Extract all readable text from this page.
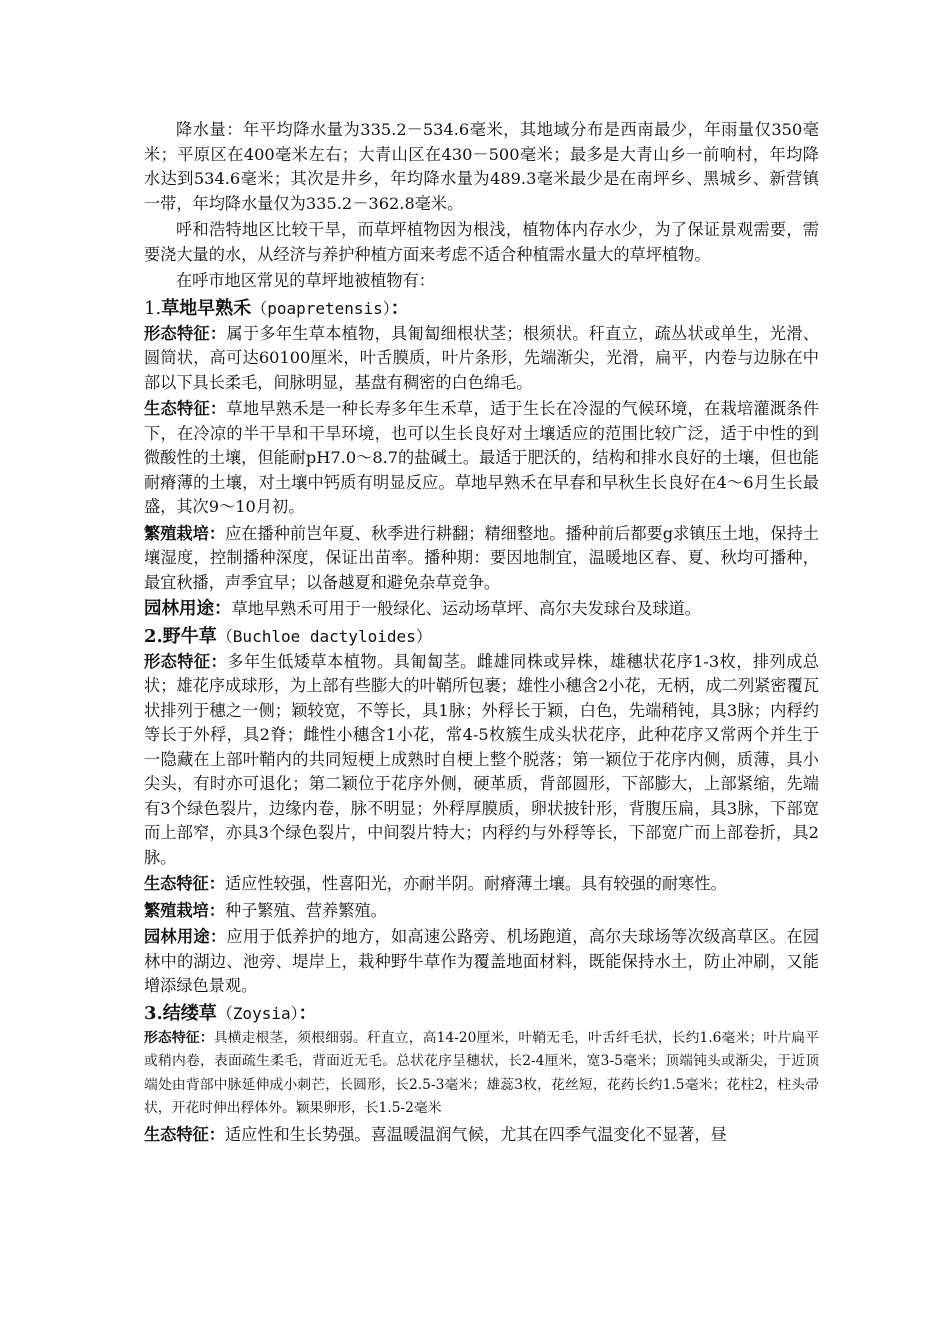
降水量：年平均降水量为335.2－534.6毫米，其地域分布是西南最少，年雨量仅350毫米；平原区在400毫米左右；大青山区在430－500毫米；最多是大青山乡一前响村，年均降水达到534.6毫米；其次是井乡，年均降水量为489.3毫米最少是在南坪乡、黑城乡、新营镇一带，年均降水量仅为335.2－362.8毫米。

呼和浩特地区比较干旱，而草坪植物因为根浅，植物体内存水少，为了保证景观需要，需要浇大量的水，从经济与养护种植方面来考虑不适合种植需水量大的草坪植物。

在呼市地区常见的草坪地被植物有：

1.草地早熟禾（poapretensis）：

形态特征：属于多年生草本植物，具匍匐细根状茎；根须状。秆直立，疏丛状或单生，光滑、圆筒状，高可达60100厘米，叶舌膜质，叶片条形，先端渐尖，光滑，扁平，内卷与边脉在中部以下具长柔毛，间脉明显，基盘有稠密的白色绵毛。

生态特征：草地早熟禾是一种长寿多年生禾草，适于生长在冷湿的气候环境，在栽培灌溉条件下，在冷凉的半干旱和干旱环境，也可以生长良好对土壤适应的范围比较广泛，适于中性的到微酸性的土壤，但能耐pH7.0～8.7的盐碱土。最适于肥沃的，结构和排水良好的土壤，但也能耐瘠薄的土壤，对土壤中钙质有明显反应。草地早熟禾在早春和早秋生长良好在4～6月生长最盛，其次9～10月初。

繁殖栽培：应在播种前岂年夏、秋季进行耕翻；精细整地。播种前后都要g求镇压土地，保持土壤湿度，控制播种深度，保证出苗率。播种期：要因地制宜，温暖地区春、夏、秋均可播种，最宜秋播，声季宜早；以备越夏和避免杂草竞争。

园林用途：草地早熟禾可用于一般绿化、运动场草坪、高尔夫发球台及球道。

2.野牛草（Buchloe dactyloides）

形态特征：多年生低矮草本植物。具匍匐茎。雌雄同株或异株，雄穗状花序1-3枚，排列成总状；雄花序成球形，为上部有些膨大的叶鞘所包裹；雄性小穗含2小花，无柄，成二列紧密覆瓦状排列于穗之一侧；颖较宽，不等长，具1脉；外稃长于颖，白色，先端稍钝，具3脉；内稃约等长于外稃，具2脊；雌性小穗含1小花，常4-5枚簇生成头状花序，此种花序又常两个并生于一隐藏在上部叶鞘内的共同短梗上成熟时自梗上整个脱落；第一颖位于花序内侧，质薄，具小尖头，有时亦可退化；第二颖位于花序外侧，硬革质，背部圆形，下部膨大，上部紧缩，先端有3个绿色裂片，边缘内卷，脉不明显；外稃厚膜质，卵状披针形，背腹压扁，具3脉，下部宽而上部窄，亦具3个绿色裂片，中间裂片特大；内稃约与外稃等长，下部宽广而上部卷折，具2脉。

生态特征：适应性较强，性喜阳光，亦耐半阴。耐瘠薄土壤。具有较强的耐寒性。

繁殖栽培：种子繁殖、营养繁殖。

园林用途：应用于低养护的地方，如高速公路旁、机场跑道，高尔夫球场等次级高草区。在园林中的湖边、池旁、堤岸上，栽种野牛草作为覆盖地面材料，既能保持水土，防止冲刷，又能增添绿色景观。

3.结缕草（Zoysia）：

形态特征：具横走根茎，须根细弱。秆直立，高14-20厘米，叶鞘无毛，叶舌纤毛状，长约1.6毫米；叶片扁平或稍内卷，表面疏生柔毛，背面近无毛。总状花序呈穗状，长2-4厘米，宽3-5毫米；顶端钝头或渐尖，于近顶端处由背部中脉延伸成小刺芒，长圆形，长2.5-3毫米；雄蕊3枚，花丝短，花药长约1.5毫米；花柱2，柱头帚状，开花时伸出稃体外。颖果卵形，长1.5-2毫米

生态特征：适应性和生长势强。喜温暖温润气候，尤其在四季气温变化不显著，昼
